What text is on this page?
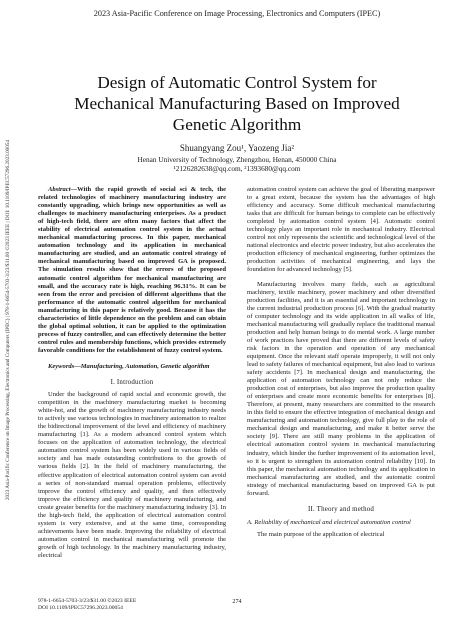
2023 Asia-Pacific Conference on Image Processing, Electronics and Computers (IPEC)
2023 Asia-Pacific Conference on Image Processing, Electronics and Computers (IPEC) | 978-1-6654-5703-3/23/$31.00 ©2023 IEEE | DOI: 10.1109/IPEC57296.2023.00054
Design of Automatic Control System for
Mechanical Manufacturing Based on Improved
Genetic Algorithm
Shuangyang Zou¹, Yaozeng Jia²
Henan University of Technology, Zhengzhou, Henan, 450000 China
¹2126282638@qq.com, ²1393680@qq.com

Abstract—With the rapid growth of social sci & tech, the related technologies of machinery manufacturing industry are constantly upgrading, which brings new opportunities as well as challenges to machinery manufacturing enterprises. As a product of high-tech field, there are often many factors that affect the stability of electrical automation control system in the actual mechanical manufacturing process. In this paper, mechanical automation technology and its application in mechanical manufacturing are studied, and an automatic control strategy of mechanical manufacturing based on improved GA is proposed. The simulation results show that the errors of the proposed automatic control algorithm for mechanical manufacturing are small, and the accuracy rate is high, reaching 96.31%. It can be seen from the error and precision of different algorithms that the performance of the automatic control algorithm for mechanical manufacturing in this paper is relatively good. Because it has the characteristics of little dependence on the problem and can obtain the global optimal solution, it can be applied to the optimization process of fuzzy controller, and can effectively determine the better control rules and membership functions, which provides extremely favorable conditions for the establishment of fuzzy control system.

Keywords—Manufacturing, Automation, Genetic algorithm

I. Introduction

Under the background of rapid social and economic growth, the competition in the machinery manufacturing market is becoming white-hot, and the growth of machinery manufacturing industry needs to actively use various technologies in machinery automation to realize the bidirectional improvement of the level and efficiency of machinery manufacturing [1]. As a modern advanced control system which focuses on the application of automation technology, the electrical automation control system has been widely used in various fields of society and has made outstanding contributions to the growth of various fields [2]. In the field of machinery manufacturing, the effective application of electrical automation control system can avoid a series of non-standard manual operation problems, effectively improve the control efficiency and quality, and then effectively improve the efficiency and quality of machinery manufacturing, and create greater benefits for the machinery manufacturing industry [3]. In the high-tech field, the application of electrical automation control system is very extensive, and at the same time, corresponding achievements have been made. Improving the reliability of electrical automation control in mechanical manufacturing will promote the growth of high technology. In the machinery manufacturing industry, electrical

automation control system can achieve the goal of liberating manpower to a great extent, because the system has the advantages of high efficiency and accuracy. Some difficult mechanical manufacturing tasks that are difficult for human beings to complete can be effectively completed by automation control system [4]. Automatic control technology plays an important role in mechanical industry. Electrical control not only represents the scientific and technological level of the national electronics and electric power industry, but also accelerates the production efficiency of mechanical engineering, further optimizes the production activities of mechanical engineering, and lays the foundation for advanced technology [5].

Manufacturing involves many fields, such as agricultural machinery, textile machinery, power machinery and other diversified production facilities, and it is an essential and important technology in the current industrial production process [6]. With the gradual maturity of computer technology and its wide application in all walks of life, mechanical manufacturing will gradually replace the traditional manual production and help human beings to do mental work. A large number of work practices have proved that there are different levels of safety risk factors in the operation and operation of any mechanical equipment. Once the relevant staff operate improperly, it will not only lead to safety failures of mechanical equipment, but also lead to various safety accidents [7]. In mechanical design and manufacturing, the application of automation technology can not only reduce the production cost of enterprises, but also improve the production quality of enterprises and create more economic benefits for enterprises [8]. Therefore, at present, many researchers are committed to the research in this field to ensure the effective integration of mechanical design and manufacturing and automation technology, give full play to the role of mechanical design and manufacturing, and make it better serve the society [9]. There are still many problems in the application of electrical automation control system in mechanical manufacturing industry, which hinder the further improvement of its automation level, so it is urgent to strengthen its automation control reliability [10]. In this paper, the mechanical automation technology and its application in mechanical manufacturing are studied, and the automatic control strategy of mechanical manufacturing based on improved GA is put forward.

II. Theory and method
A. Reliability of mechanical and electrical automation control

The main purpose of the application of electrical

978-1-6654-5703-3/23/$31.00 ©2023 IEEE
DOI 10.1109/IPEC57296.2023.00054
274
